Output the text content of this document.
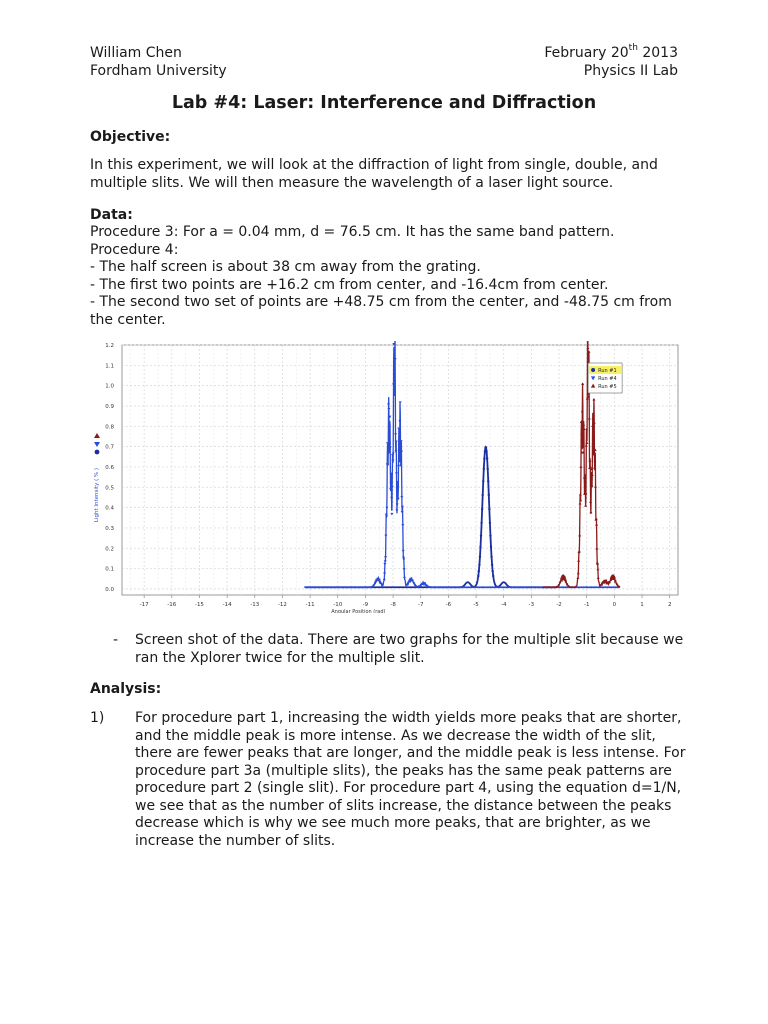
William Chen
Fordham University
February 20th 2013
Physics II Lab
Lab #4: Laser: Interference and Diffraction
Objective:

In this experiment, we will look at the diffraction of light from single, double, and multiple slits. We will then measure the wavelength of a laser light source.

Data:
Procedure 3: For a = 0.04 mm, d = 76.5 cm. It has the same band pattern.
Procedure 4:
- The half screen is about 38 cm away from the grating.
- The first two points are +16.2 cm from center, and -16.4cm from center.
- The second two set of points are +48.75 cm from the center, and -48.75 cm from the center.
0.0
0.1
0.2
0.3
0.4
0.5
0.6
0.7
0.8
0.9
1.0
1.1
1.2
-17	-16	-15	-14	-13	-12	-11	-10	-9	-8	-7	-6	-5	-4	-3	-2	-1	0	1	2
Angular Position (rad)
Light Intensity ( % )
Run #1
Run #4
Run #5
- Screen shot of the data. There are two graphs for the multiple slit because we ran the Xplorer twice for the multiple slit.
Analysis:
1) For procedure part 1, increasing the width yields more peaks that are shorter, and the middle peak is more intense. As we decrease the width of the slit, there are fewer peaks that are longer, and the middle peak is less intense. For procedure part 3a (multiple slits), the peaks has the same peak patterns are procedure part 2 (single slit). For procedure part 4, using the equation d=1/N, we see that as the number of slits increase, the distance between the peaks decrease which is why we see much more peaks, that are brighter, as we increase the number of slits.
